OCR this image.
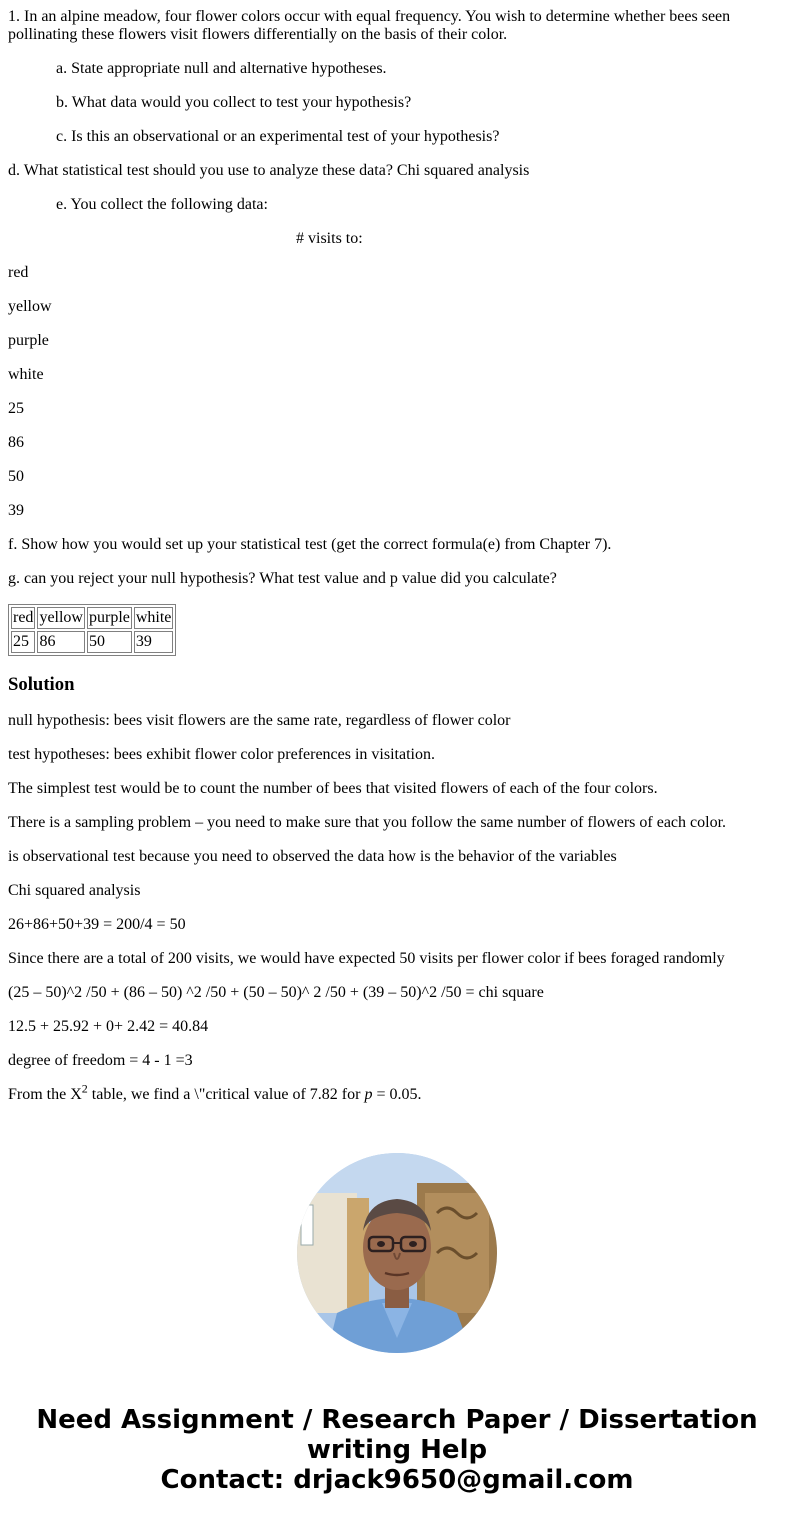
1. In an alpine meadow, four flower colors occur with equal frequency. You wish to determine whether bees seen pollinating these flowers visit flowers differentially on the basis of their color.

a. State appropriate null and alternative hypotheses.

b. What data would you collect to test your hypothesis?

c. Is this an observational or an experimental test of your hypothesis?

d. What statistical test should you use to analyze these data? Chi squared analysis

e. You collect the following data:

# visits to:

red

yellow

purple

white

25

86

50

39

f. Show how you would set up your statistical test (get the correct formula(e) from Chapter 7).

g. can you reject your null hypothesis? What test value and p value did you calculate?

red	yellow	purple	white
25	86	50	39
Solution

null hypothesis: bees visit flowers are the same rate, regardless of flower color

test hypotheses: bees exhibit flower color preferences in visitation.

The simplest test would be to count the number of bees that visited flowers of each of the four colors.

There is a sampling problem – you need to make sure that you follow the same number of flowers of each color.

is observational test because you need to observed the data how is the behavior of the variables

Chi squared analysis

26+86+50+39 = 200/4 = 50

Since there are a total of 200 visits, we would have expected 50 visits per flower color if bees foraged randomly

(25 – 50)^2 /50 + (86 – 50) ^2 /50 + (50 – 50)^ 2 /50 + (39 – 50)^2 /50 = chi square

12.5 + 25.92 + 0+ 2.42 = 40.84

degree of freedom = 4 - 1 =3

From the $X^2$ table, we find a \"critical value of 7.82 for p = 0.05.

Need Assignment / Research Paper / Dissertation
writing Help
Contact: drjack9650@gmail.com
